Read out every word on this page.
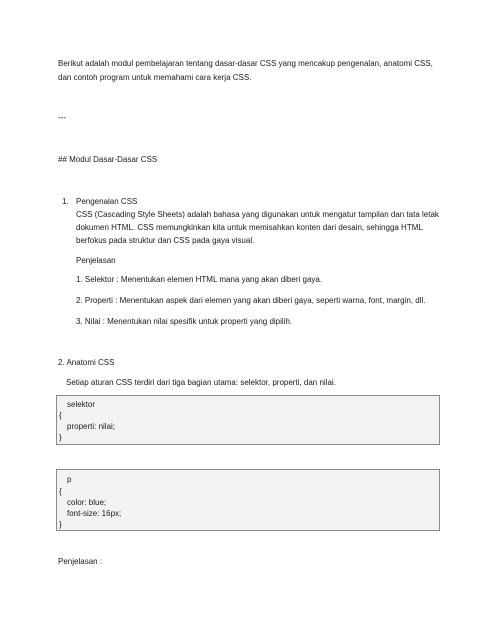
Berikut adalah modul pembelajaran tentang dasar-dasar CSS yang mencakup pengenalan, anatomi CSS,

dan contoh program untuk memahami cara kerja CSS.

---

## Modul Dasar-Dasar CSS

1. Pengenalan CSS

CSS (Cascading Style Sheets) adalah bahasa yang digunakan untuk mengatur tampilan dan tata letak

dokumen HTML. CSS memungkinkan kita untuk memisahkan konten dari desain, sehingga HTML

berfokus pada struktur dan CSS pada gaya visual.

Penjelasan

1. Selektor : Menentukan elemen HTML mana yang akan diberi gaya.

2. Properti : Menentukan aspek dari elemen yang akan diberi gaya, seperti warna, font, margin, dll.

3. Nilai : Menentukan nilai spesifik untuk properti yang dipilih.

2. Anatomi CSS

Setiap aturan CSS terdiri dari tiga bagian utama: selektor, properti, dan nilai.

selektor
{
properti: nilai;
}
p
{
color: blue;
font-size: 16px;
}

Penjelasan :
